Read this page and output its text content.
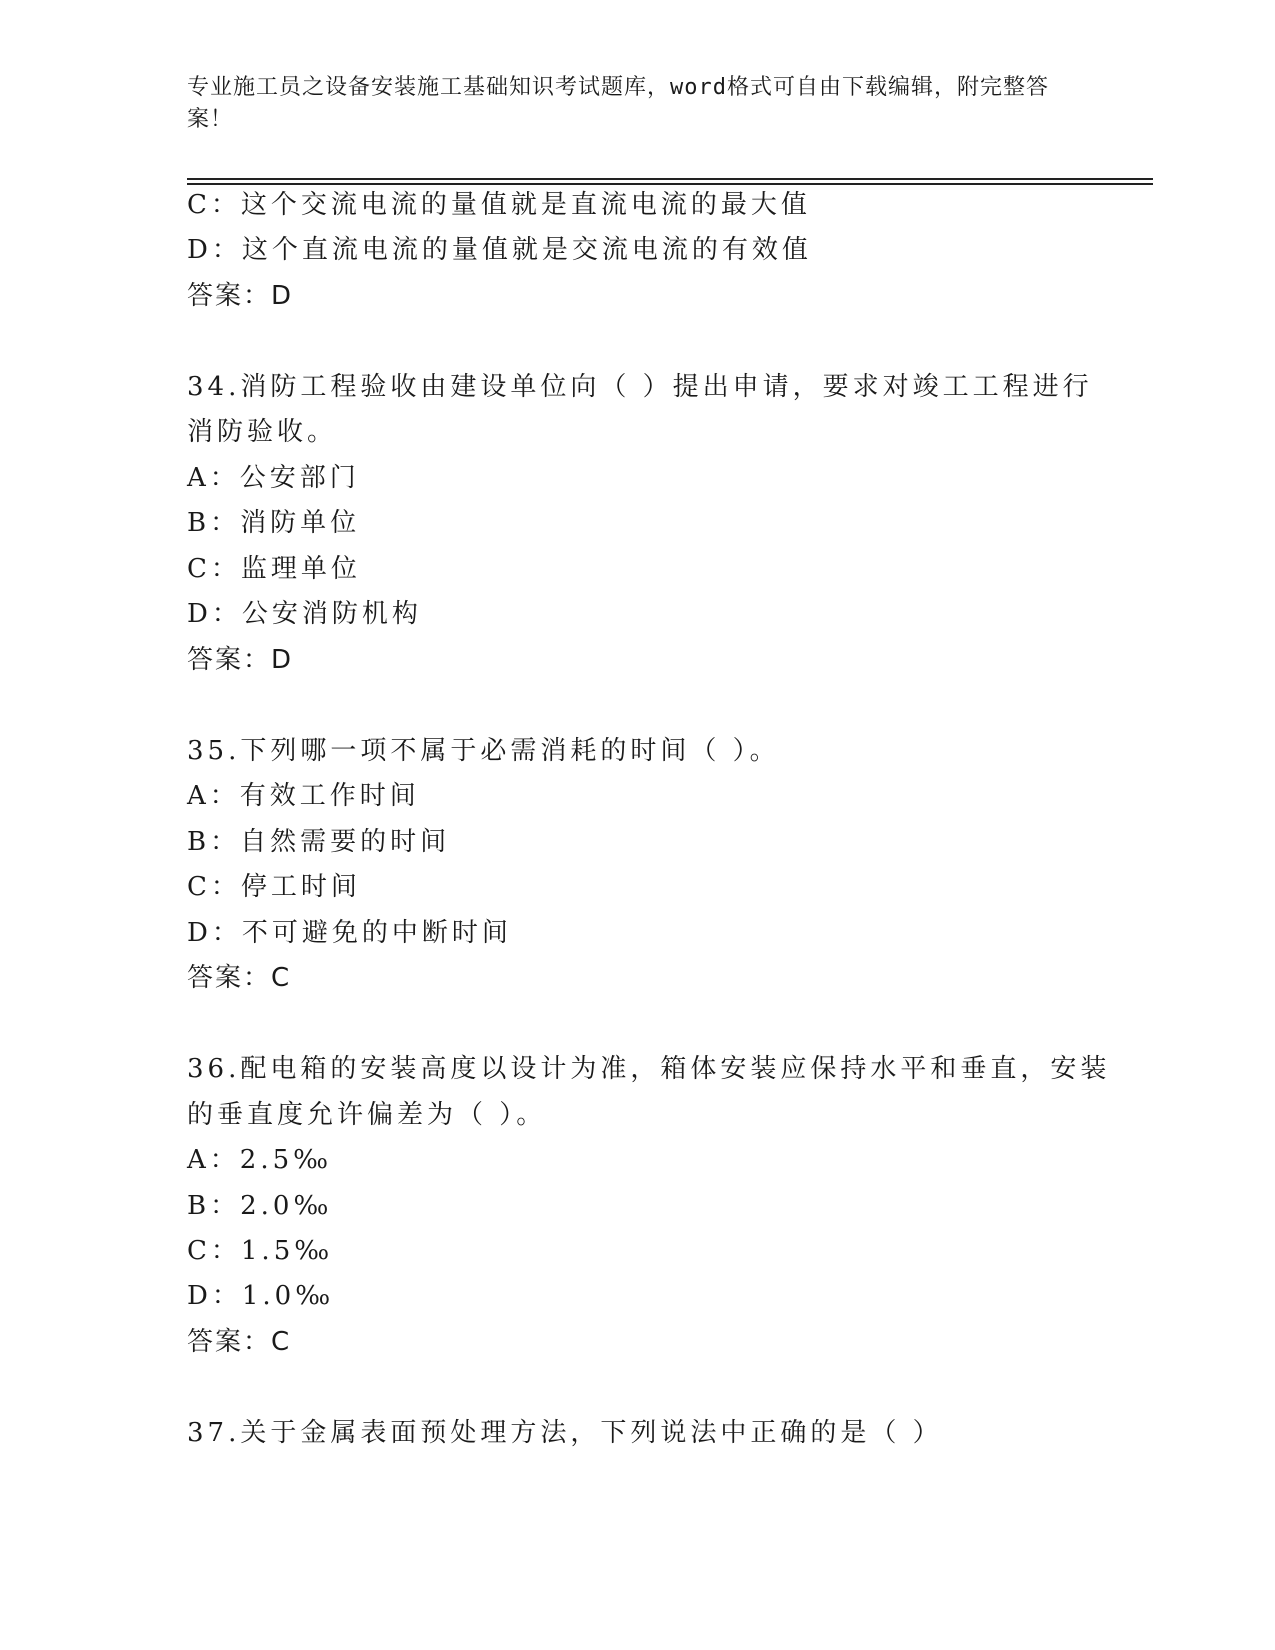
专业施工员之设备安装施工基础知识考试题库，word格式可自由下载编辑，附完整答案！
C：这个交流电流的量值就是直流电流的最大值
D：这个直流电流的量值就是交流电流的有效值
答案：D
34.消防工程验收由建设单位向（ ）提出申请，要求对竣工工程进行
消防验收。
A：公安部门
B：消防单位
C：监理单位
D：公安消防机构
答案：D
35.下列哪一项不属于必需消耗的时间（ ）。
A：有效工作时间
B：自然需要的时间
C：停工时间
D：不可避免的中断时间
答案：C
36.配电箱的安装高度以设计为准，箱体安装应保持水平和垂直，安装
的垂直度允许偏差为（ ）。
A：2.5‰
B：2.0‰
C：1.5‰
D：1.0‰
答案：C
37.关于金属表面预处理方法，下列说法中正确的是（ ）
